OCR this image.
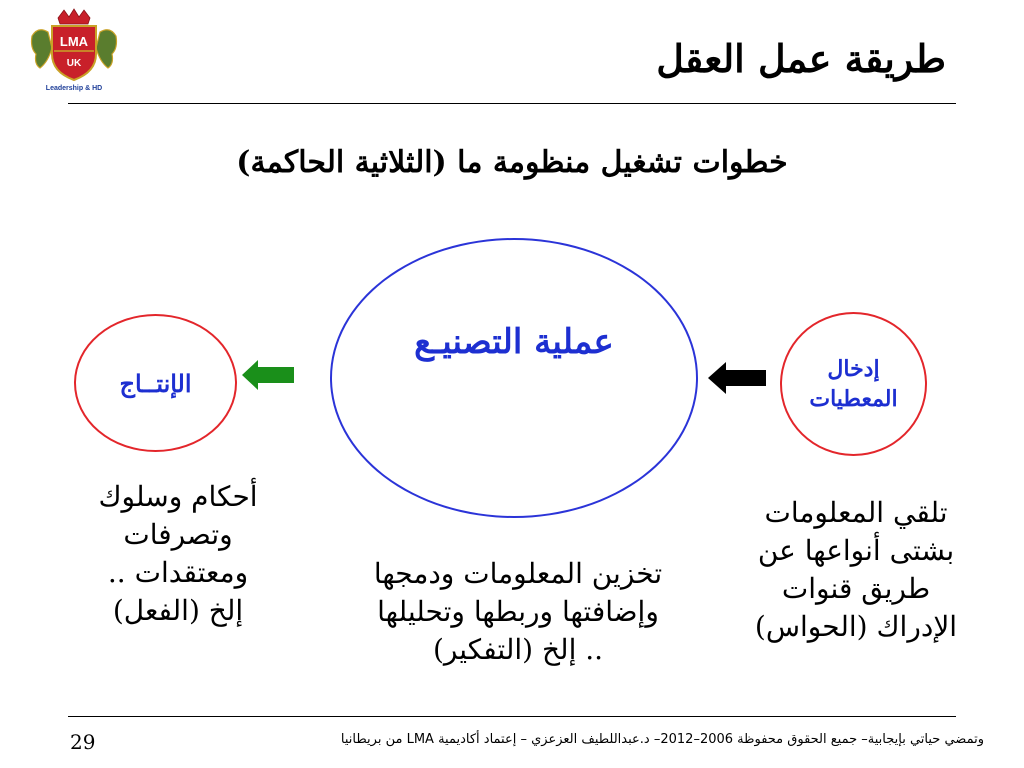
LMA
UK
Leadership & HD
طريقة عمل العقل
خطوات تشغيل منظومة ما (الثلاثية الحاكمة)
إدخال
المعطيات
الإنتــاج
عملية التصنيـع
تلقي المعلومات
بشتى أنواعها عن
طريق قنوات
الإدراك (الحواس)
تخزين المعلومات ودمجها
وإضافتها وربطها وتحليلها
.. إلخ (التفكير)
أحكام وسلوك
وتصرفات
ومعتقدات ..
إلخ (الفعل)
وتمضي حياتي بإيجابية– جميع الحقوق محفوظة 2006–2012– د.عبداللطيف العزعزي – إعتماد أكاديمية LMA من بريطانيا
29
